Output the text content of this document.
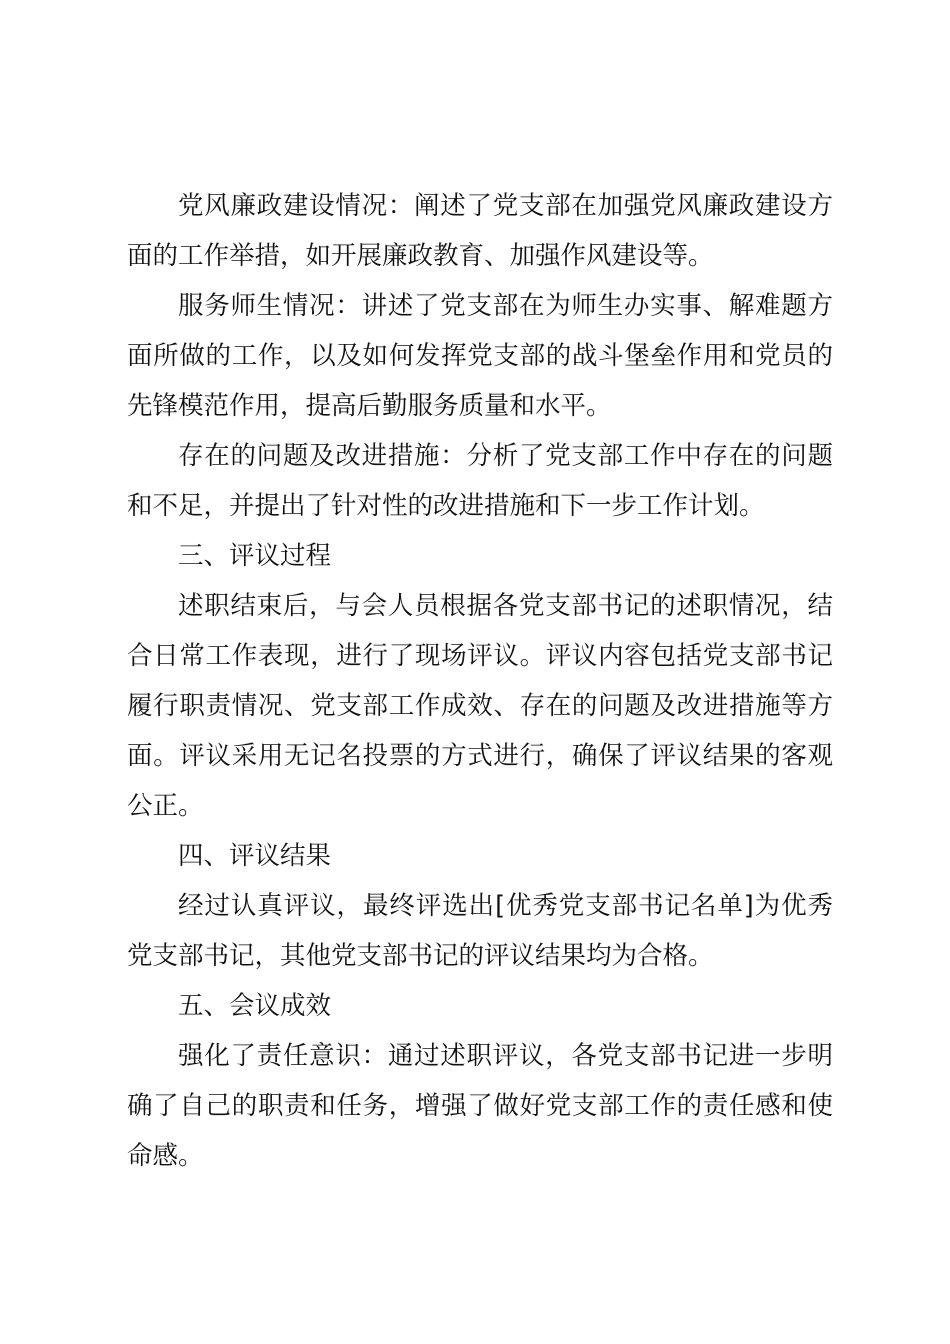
党风廉政建设情况：阐述了党支部在加强党风廉政建设方面的工作举措，如开展廉政教育、加强作风建设等。

服务师生情况：讲述了党支部在为师生办实事、解难题方面所做的工作，以及如何发挥党支部的战斗堡垒作用和党员的先锋模范作用，提高后勤服务质量和水平。

存在的问题及改进措施：分析了党支部工作中存在的问题和不足，并提出了针对性的改进措施和下一步工作计划。

三、评议过程

述职结束后，与会人员根据各党支部书记的述职情况，结合日常工作表现，进行了现场评议。评议内容包括党支部书记履行职责情况、党支部工作成效、存在的问题及改进措施等方面。评议采用无记名投票的方式进行，确保了评议结果的客观公正。

四、评议结果

经过认真评议，最终评选出[优秀党支部书记名单]为优秀党支部书记，其他党支部书记的评议结果均为合格。

五、会议成效

强化了责任意识：通过述职评议，各党支部书记进一步明确了自己的职责和任务，增强了做好党支部工作的责任感和使命感。
